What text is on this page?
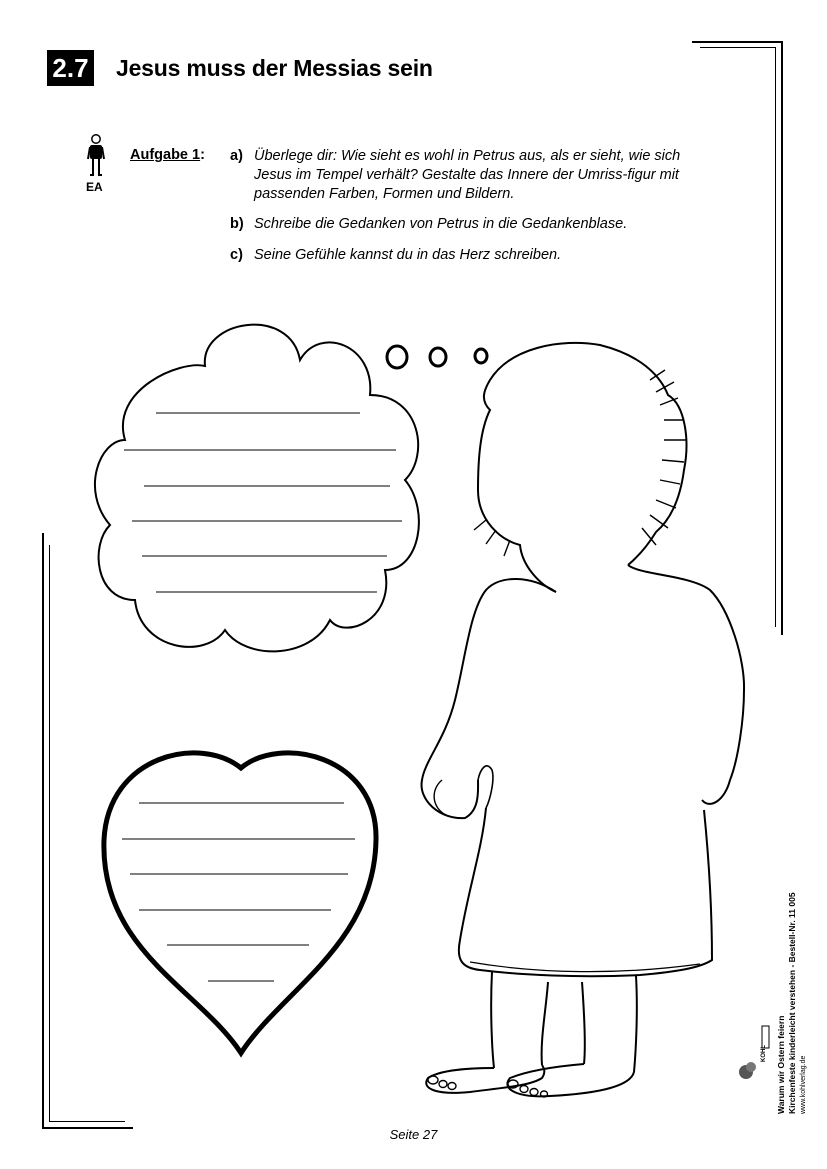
2.7 Jesus muss der Messias sein
EA
Aufgabe 1: a) Überlege dir: Wie sieht es wohl in Petrus aus, als er sieht, wie sich Jesus im Tempel verhält? Gestalte das Innere der Umriss-figur mit passenden Farben, Formen und Bildern.
b) Schreibe die Gedanken von Petrus in die Gedankenblase.
c) Seine Gefühle kannst du in das Herz schreiben.
KOHL Warum wir Ostern feiern Kirchenfeste kinderleicht verstehen - Bestell-Nr. 11 005 www.kohlverlag.de
Seite 27
